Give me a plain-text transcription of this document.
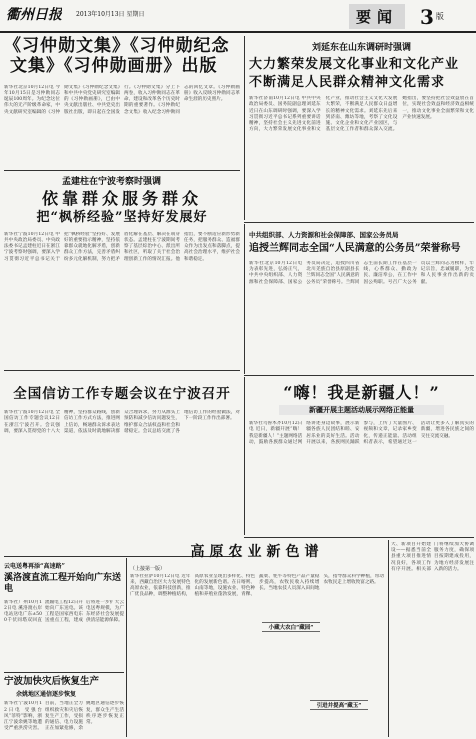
衢州日报 2013年10月13日 星期日	要闻	3 版
《习仲勋文集》《习仲勋纪念
文集》《习仲勋画册》出版
新华社北京10月12日电 今年10月15日是习仲勋同志诞辰100周年。为纪念这位伟大的无产阶级革命家，中央文献研究室编辑的《习仲勋文集》《习仲勋纪念文集》和中共中央党史研究室编辑的《习仲勋画册》，已由中央文献出版社、中共党史出版社出版，即日起在全国发行。《习仲勋文集》分上下两卷，收入习仲勋同志在革命、建设和改革各个历史时期的重要著作。《习仲勋纪念文集》收入纪念习仲勋同志的回忆文章。《习仲勋画册》收入反映习仲勋同志革命生涯的历史照片。
刘延东在山东调研时强调
大力繁荣发展文化事业和文化产业
不断满足人民群众精神文化需求
新华社济南10月12日电 中共中央政治局委员、国务院副总理刘延东近日在山东调研时强调，要深入学习贯彻习近平总书记系列重要讲话精神，坚持社会主义先进文化前进方向，大力繁荣发展文化事业和文化产业，推动社会主义文化大发展大繁荣，不断满足人民群众日益增长的精神文化需求。刘延东先后来到济南、潍坊等地，考察了文化设施、文化企业和文化产业园区，与基层文化工作者和群众深入交流。她指出，要坚持把社会效益放在首位，实现社会效益和经济效益相统一，推动文化事业全面繁荣和文化产业快速发展。
孟建柱在宁波考察时强调
依靠群众服务群众
把“枫桥经验”坚持好发展好
新华社宁波10月12日电 中共中央政治局委员、中央政法委书记孟建柱近日在浙江宁波考察时强调，要深入学习贯彻习近平总书记关于把“枫桥经验”坚持好、发展好的重要指示精神，坚持依靠群众就地化解矛盾，创新群众工作方法，完善矛盾纠纷多元化解机制，努力把矛盾化解在基层、解决在萌芽状态。孟建柱在宁波期间考察了基层综治中心、派出所和社区，听取了关于社会治理创新工作的情况汇报。他指出，要不断适应新形势新任务，把服务群众、造福群众作为出发点和落脚点，提高社会治理水平，维护社会和谐稳定。
中共组织部、人力资源和社会保障部、国家公务员局
追授兰辉同志全国“人民满意的公务员”荣誉称号
新华社北京10月12日电 为表彰先进，弘扬正气，中共中央组织部、人力资源和社会保障部、国家公务员局决定，追授四川省北川羌族自治县原副县长兰辉同志全国“人民满意的公务员”荣誉称号。兰辉同志生前长期工作在基层一线，心系群众、勤政为民、廉洁奉公，在工作中因公殉职。号召广大公务员以兰辉同志为榜样，牢记宗旨，忠诚履职，为党和人民事业作出新的贡献。
“嗨！我是新疆人！”
新疆开展主题活动展示网络正能量
新华社乌鲁木齐10月12日电 近日，新疆开展“嗨！我是新疆人！”主题网络活动，鼓励各族群众通过网络讲述身边故事，展示新疆各族人民团结和睦、安居乐业的美好生活。活动开展以来，各族网民踊跃参与，上传了大量图片、视频和文章，记录家乡变化，传递正能量。活动组织者表示，希望通过这一活动让更多人了解真实的新疆，增进各民族之间的交往交流交融。
全国信访工作专题会议在宁波召开
新华社宁波10月12日电 全国信访工作专题会议12日在浙江宁波召开。会议强调，要深入贯彻党的十八大精神，坚持群众路线，创新信访工作方式方法，推进网上信访，畅通群众诉求表达渠道，依法及时就地解决群众合理诉求，努力从源头上预防和减少信访问题发生，维护群众合法权益和社会和谐稳定。会议总结交流了各地信访工作的经验做法，对下一阶段工作作出部署。
云电送粤再添“高速路”
溪洛渡直流工程开始向广东送电
新华社广州10月12日电 溪洛渡右岸电站送电广东±500千伏同塔双回直流输电工程12日开始向广东送电。该工程是国家西电东送重点工程，建成后将进一步扩大云电送粤规模，为广东经济社会发展提供清洁能源保障。
宁波加快灾后恢复生产
余姚地区通信逐步恢复
新华社宁波10月12日电 受强台风“菲特”影响，浙江宁波余姚等地遭受严重洪涝灾害。目前，当地正全力组织救灾和灾后恢复生产工作，受损的通信、电力设施正在加紧抢修，余姚地区通信逐步恢复，群众生产生活秩序逐步恢复正常。
高原农业新色谱
（上接第一版）
新华社拉萨10月12日电 近年来，西藏自治区大力发展特色高原农业，依靠科技创新，推广优良品种，调整种植结构，高原农业呈现出多样化、特色化的发展新色谱。在日喀则、山南等地，设施农业、特色种植和养殖业蓬勃发展，青稞、蔬菜、牦牛等特色产品产量稳步提高，农牧民收入持续增长。当地农技人员深入田间地头，指导群众科学种植，带动农牧民走上增收致富之路。
小藏大农白“藏园”
引进并提高“藏玉”
大、新项目开始建设——据悉当前全县重大项目推进情况良好，各项工作有序开展。相关部门将继续加大协调服务力度，确保项目按期建成投用，为地方经济发展注入新的活力。
